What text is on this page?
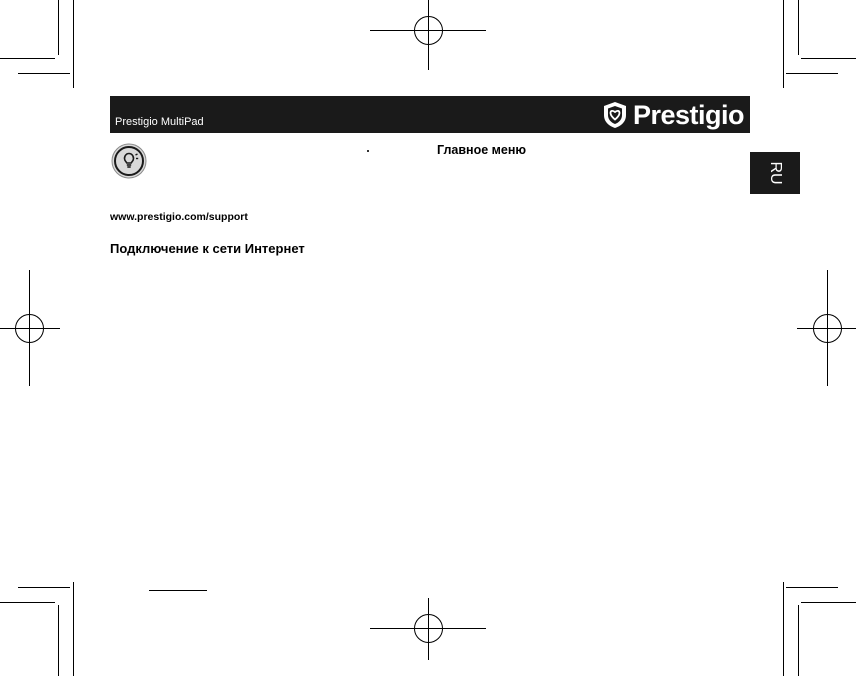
Prestigio MultiPad	Prestigio
RU
www.prestigio.com/support
Подключение к сети Интернет
Главное меню
